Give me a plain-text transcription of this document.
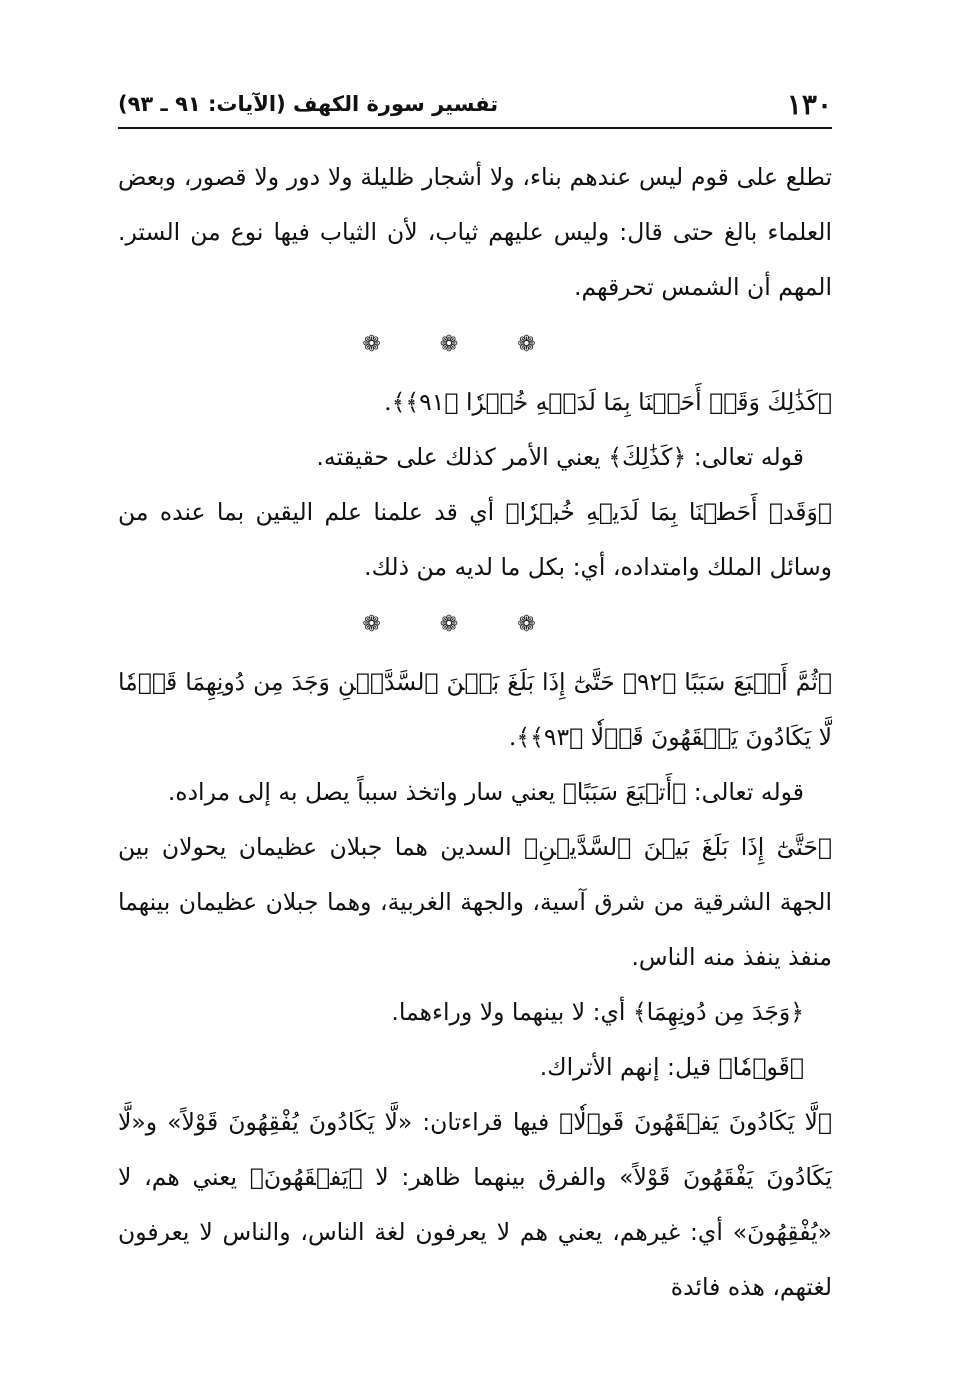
١٣٠
تفسير سورة الكهف (الآيات: ٩١ ـ ٩٣)

تطلع على قوم ليس عندهم بناء، ولا أشجار ظليلة ولا دور ولا قصور، وبعض العلماء بالغ حتى قال: وليس عليهم ثياب، لأن الثياب فيها نوع من الستر. المهم أن الشمس تحرقهم.

❁ ❁ ❁

﴿كَذَٰلِكَ وَقَدۡ أَحَطۡنَا بِمَا لَدَيۡهِ خُبۡرٗا ﴿٩١﴾﴾.

قوله تعالى: ﴿كَذَٰلِكَ﴾ يعني الأمر كذلك على حقيقته.

﴿وَقَدۡ أَحَطۡنَا بِمَا لَدَيۡهِ خُبۡرٗا﴾ أي قد علمنا علم اليقين بما عنده من وسائل الملك وامتداده، أي: بكل ما لديه من ذلك.

❁ ❁ ❁

﴿ثُمَّ أَتۡبَعَ سَبَبًا ﴿٩٢﴾ حَتَّىٰٓ إِذَا بَلَغَ بَيۡنَ ٱلسَّدَّيۡنِ وَجَدَ مِن دُونِهِمَا قَوۡمٗا لَّا يَكَادُونَ يَفۡقَهُونَ قَوۡلٗا ﴿٩٣﴾﴾.

قوله تعالى: ﴿أَتۡبَعَ سَبَبًا﴾ يعني سار واتخذ سبباً يصل به إلى مراده.

﴿حَتَّىٰٓ إِذَا بَلَغَ بَيۡنَ ٱلسَّدَّيۡنِ﴾ السدين هما جبلان عظيمان يحولان بين الجهة الشرقية من شرق آسية، والجهة الغربية، وهما جبلان عظيمان بينهما منفذ ينفذ منه الناس.

﴿وَجَدَ مِن دُونِهِمَا﴾ أي: لا بينهما ولا وراءهما.

﴿قَوۡمٗا﴾ قيل: إنهم الأتراك.

﴿لَّا يَكَادُونَ يَفۡقَهُونَ قَوۡلٗا﴾ فيها قراءتان: «لَّا يَكَادُونَ يُفْقِهُونَ قَوْلاً» و«لَّا يَكَادُونَ يَفْقَهُونَ قَوْلاً» والفرق بينهما ظاهر: لا ﴿يَفۡقَهُونَ﴾ يعني هم، لا «يُفْقِهُونَ» أي: غيرهم، يعني هم لا يعرفون لغة الناس، والناس لا يعرفون لغتهم، هذه فائدة
